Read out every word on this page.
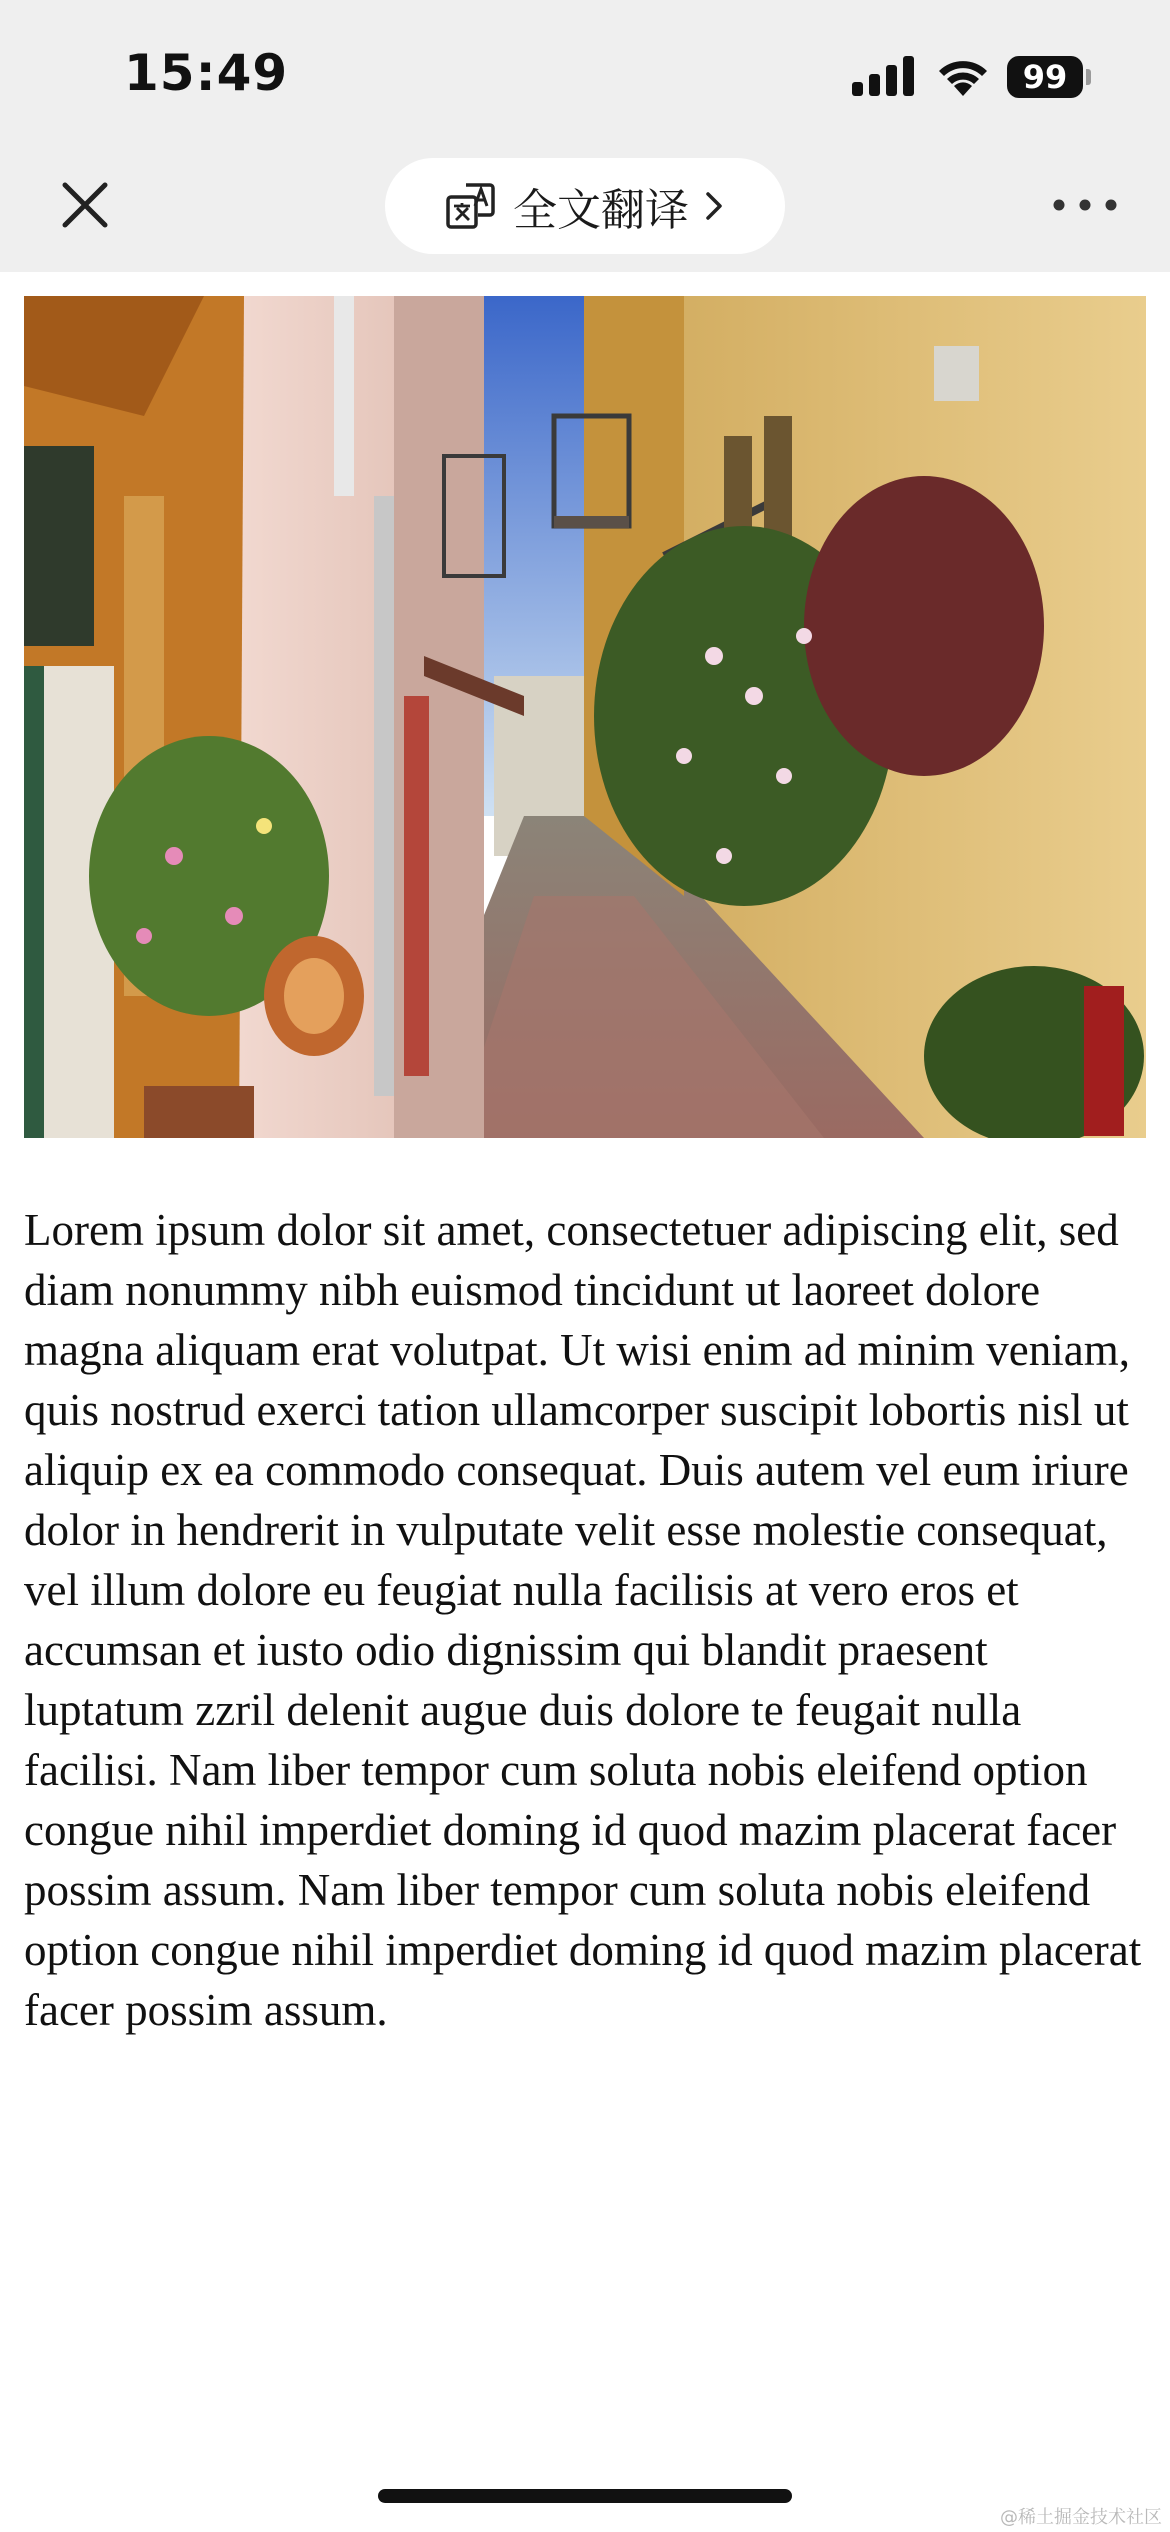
15:49	99
全文翻译

Lorem ipsum dolor sit amet, consectetuer adipiscing elit, sed diam nonummy nibh euismod tincidunt ut laoreet dolore magna aliquam erat volutpat. Ut wisi enim ad minim veniam, quis nostrud exerci tation ullamcorper suscipit lobortis nisl ut aliquip ex ea commodo consequat. Duis autem vel eum iriure dolor in hendrerit in vulputate velit esse molestie consequat, vel illum dolore eu feugiat nulla facilisis at vero eros et accumsan et iusto odio dignissim qui blandit praesent luptatum zzril delenit augue duis dolore te feugait nulla facilisi. Nam liber tempor cum soluta nobis eleifend option congue nihil imperdiet doming id quod mazim placerat facer possim assum. Nam liber tempor cum soluta nobis eleifend option congue nihil imperdiet doming id quod mazim placerat facer possim assum.

@稀土掘金技术社区
